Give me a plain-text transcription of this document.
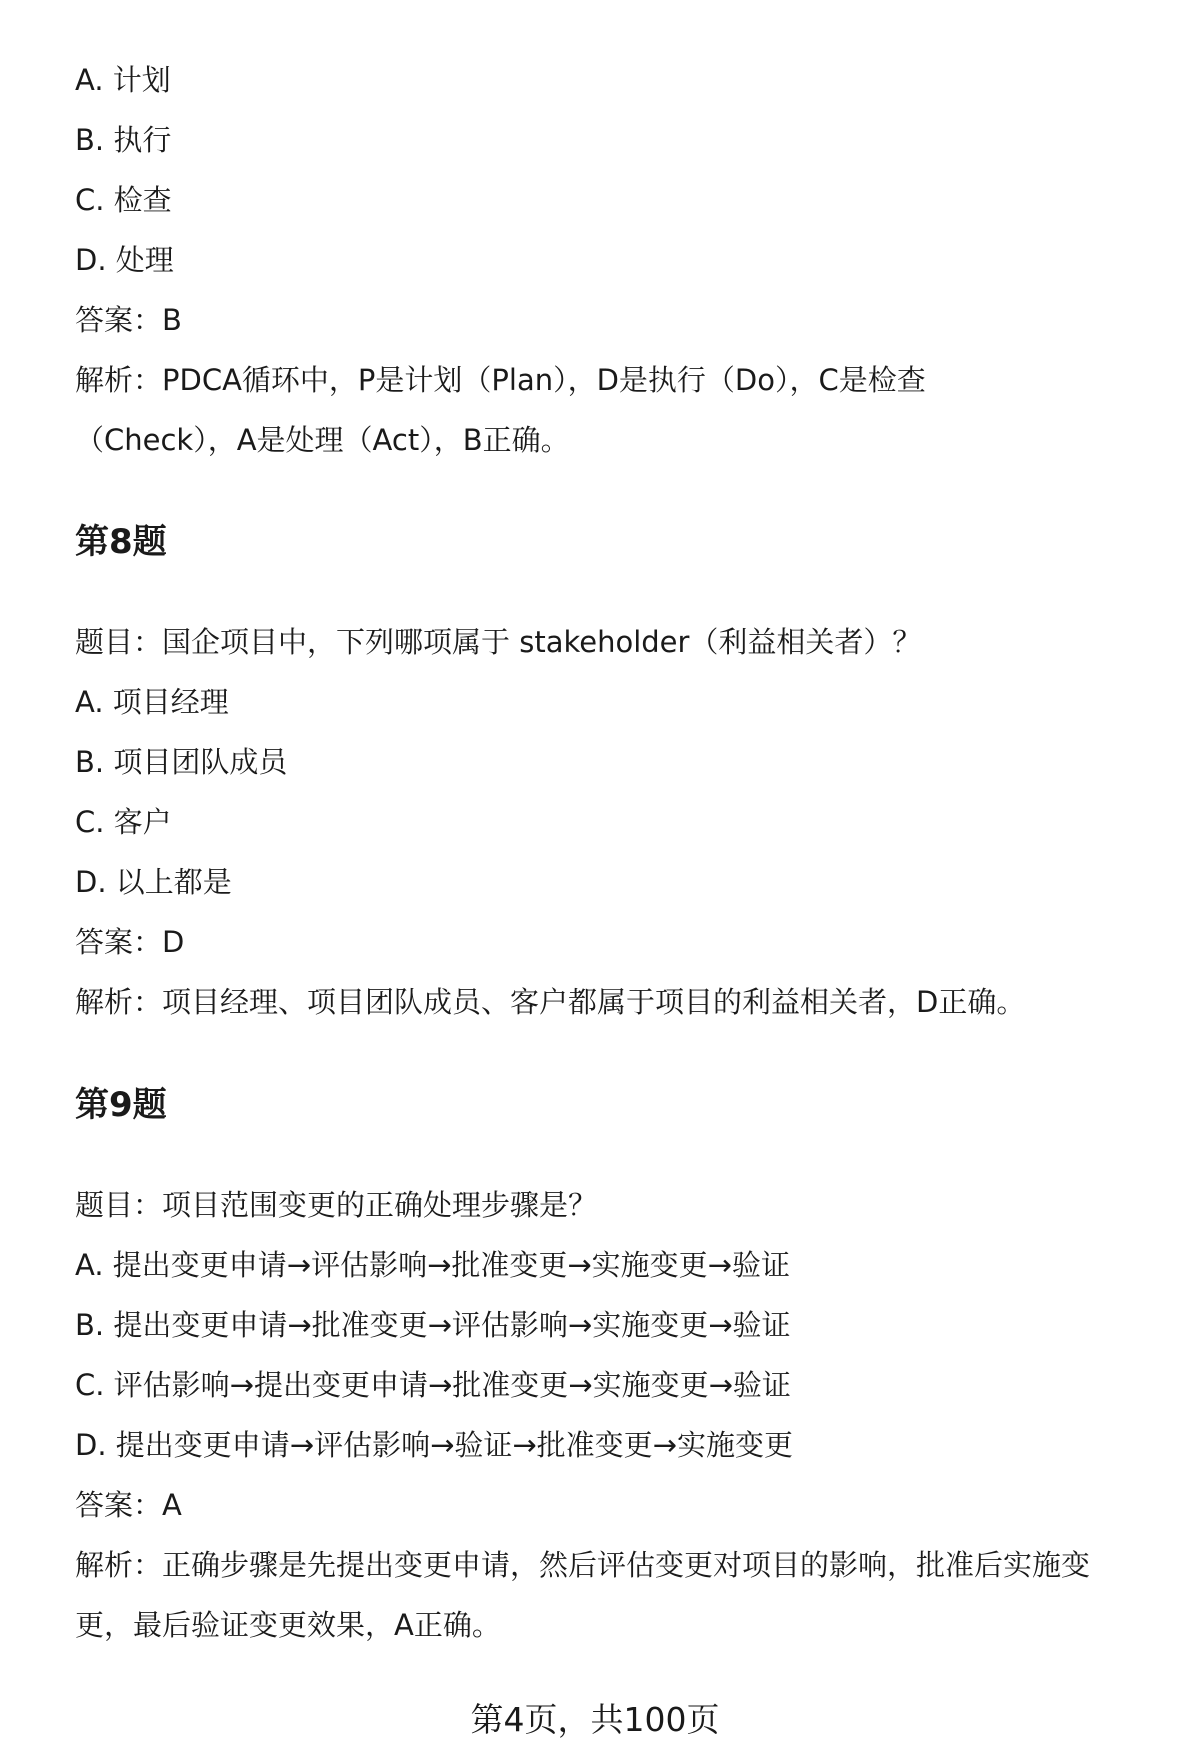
A. 计划
B. 执行
C. 检查
D. 处理
答案：B
解析：PDCA循环中，P是计划（Plan），D是执行（Do），C是检查
（Check），A是处理（Act），B正确。
第8题
题目：国企项目中，下列哪项属于 stakeholder（利益相关者）？
A. 项目经理
B. 项目团队成员
C. 客户
D. 以上都是
答案：D
解析：项目经理、项目团队成员、客户都属于项目的利益相关者，D正确。
第9题
题目：项目范围变更的正确处理步骤是？
A. 提出变更申请→评估影响→批准变更→实施变更→验证
B. 提出变更申请→批准变更→评估影响→实施变更→验证
C. 评估影响→提出变更申请→批准变更→实施变更→验证
D. 提出变更申请→评估影响→验证→批准变更→实施变更
答案：A
解析：正确步骤是先提出变更申请，然后评估变更对项目的影响，批准后实施变
更，最后验证变更效果，A正确。
第4页，共100页
